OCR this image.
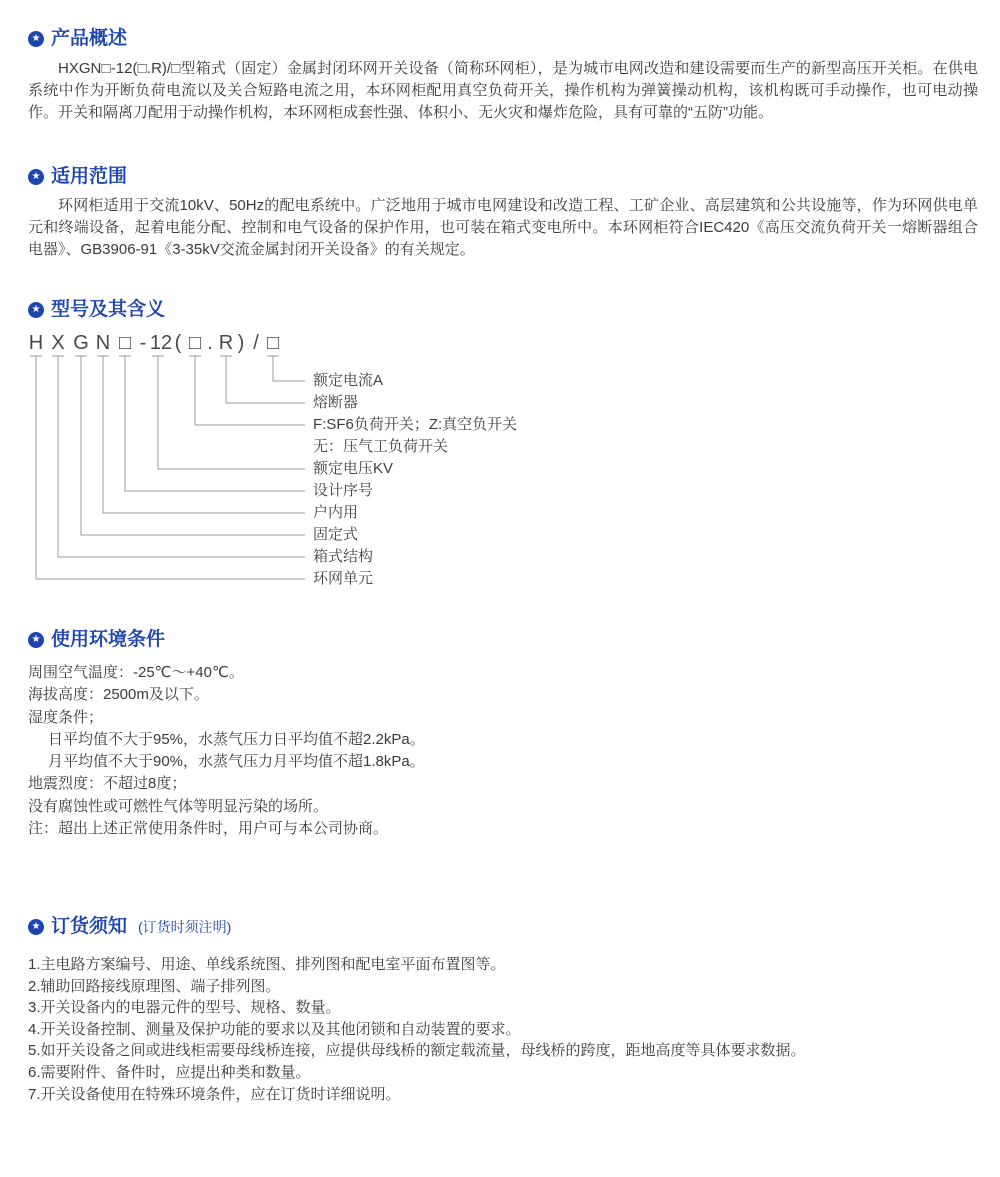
★ 产品概述

HXGN□-12(□.R)/□型箱式（固定）金属封闭环网开关设备（简称环网柜），是为城市电网改造和建设需要而生产的新型高压开关柜。在供电系统中作为开断负荷电流以及关合短路电流之用，本环网柜配用真空负荷开关，操作机构为弹簧操动机构，该机构既可手动操作，也可电动操作。开关和隔离刀配用于动操作机构，本环网柜成套性强、体积小、无火灾和爆炸危险，具有可靠的“五防”功能。

★ 适用范围

环网柜适用于交流10kV、50Hz的配电系统中。广泛地用于城市电网建设和改造工程、工矿企业、高层建筑和公共设施等，作为环网供电单元和终端设备，起着电能分配、控制和电气设备的保护作用，也可装在箱式变电所中。本环网柜符合IEC420《高压交流负荷开关一熔断器组合电器》、GB3906-91《3-35kV交流金属封闭开关设备》的有关规定。

★ 型号及其含义
H X G N □ - 12 ( □ . R ) / □
额定电流A
熔断器
F:SF6负荷开关；Z:真空负开关
无：压气工负荷开关
额定电压KV
设计序号
户内用
固定式
箱式结构
环网单元
★ 使用环境条件
周围空气温度：-25℃～+40℃。
海拔高度：2500m及以下。
湿度条件；
日平均值不大于95%，水蒸气压力日平均值不超2.2kPa。
月平均值不大于90%，水蒸气压力月平均值不超1.8kPa。
地震烈度：不超过8度；
没有腐蚀性或可燃性气体等明显污染的场所。
注：超出上述正常使用条件时，用户可与本公司协商。
★ 订货须知 (订货时须注明)
1.主电路方案编号、用途、单线系统图、排列图和配电室平面布置图等。
2.辅助回路接线原理图、端子排列图。
3.开关设备内的电器元件的型号、规格、数量。
4.开关设备控制、测量及保护功能的要求以及其他闭锁和自动装置的要求。
5.如开关设备之间或进线柜需要母线桥连接，应提供母线桥的额定载流量，母线桥的跨度，距地高度等具体要求数据。
6.需要附件、备件时，应提出种类和数量。
7.开关设备使用在特殊环境条件，应在订货时详细说明。
